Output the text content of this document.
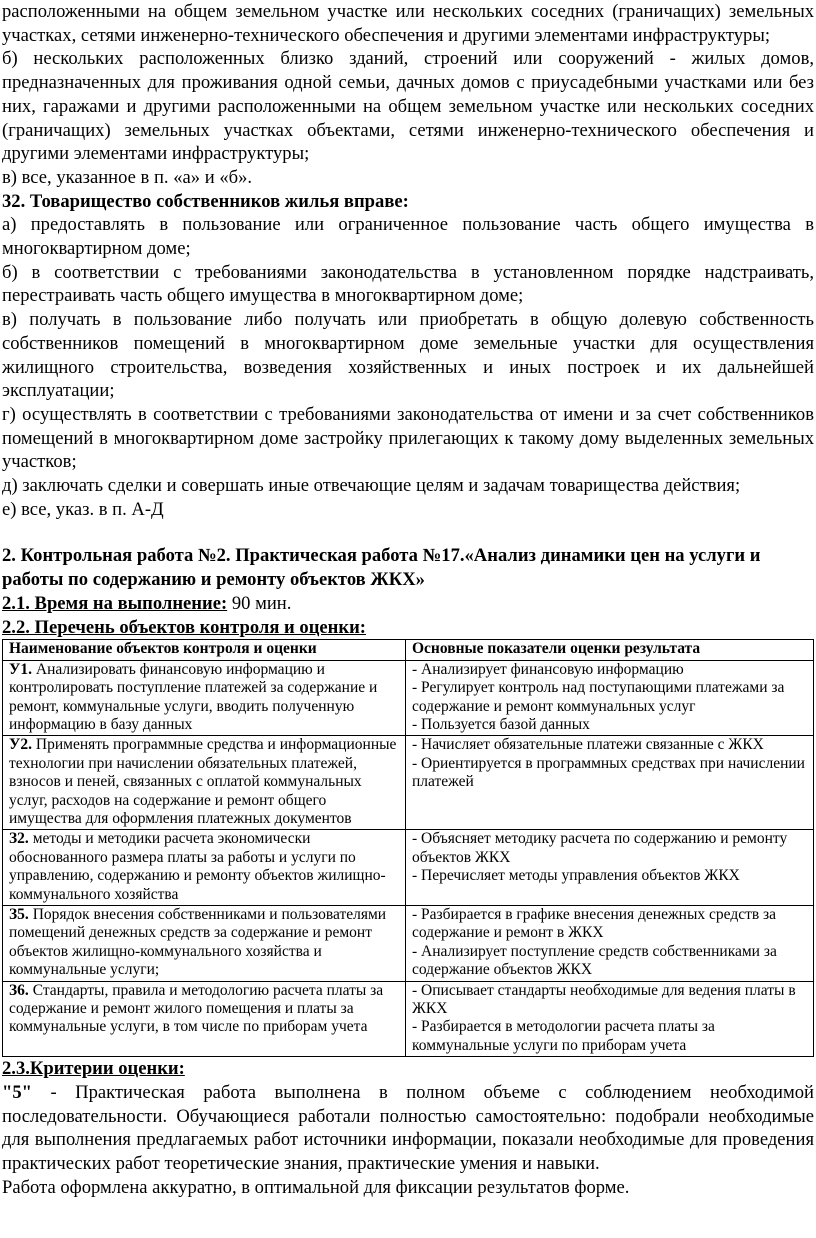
расположенными на общем земельном участке или нескольких соседних (граничащих) земельных участках, сетями инженерно-технического обеспечения и другими элементами инфраструктуры;

б) нескольких расположенных близко зданий, строений или сооружений - жилых домов, предназначенных для проживания одной семьи, дачных домов с приусадебными участками или без них, гаражами и другими расположенными на общем земельном участке или нескольких соседних (граничащих) земельных участках объектами, сетями инженерно-технического обеспечения и другими элементами инфраструктуры;

в) все, указанное в п. «а» и «б».

32. Товарищество собственников жилья вправе:

а) предоставлять в пользование или ограниченное пользование часть общего имущества в многоквартирном доме;

б) в соответствии с требованиями законодательства в установленном порядке надстраивать, перестраивать часть общего имущества в многоквартирном доме;

в) получать в пользование либо получать или приобретать в общую долевую собственность собственников помещений в многоквартирном доме земельные участки для осуществления жилищного строительства, возведения хозяйственных и иных построек и их дальнейшей эксплуатации;

г) осуществлять в соответствии с требованиями законодательства от имени и за счет собственников помещений в многоквартирном доме застройку прилегающих к такому дому выделенных земельных участков;

д) заключать сделки и совершать иные отвечающие целям и задачам товарищества действия;

е) все, указ. в п. А-Д

2. Контрольная работа №2. Практическая работа №17.«Анализ динамики цен на услуги и работы по содержанию и ремонту объектов ЖКХ»

2.1. Время на выполнение: 90 мин.

2.2. Перечень объектов контроля и оценки:

Наименование объектов контроля и оценки	Основные показатели оценки результата
У1. Анализировать финансовую информацию и контролировать поступление платежей за содержание и ремонт, коммунальные услуги, вводить полученную информацию в базу данных	- Анализирует финансовую информацию
- Регулирует контроль над поступающими платежами за содержание и ремонт коммунальных услуг
- Пользуется базой данных

У2. Применять программные средства и информационные технологии при начислении обязательных платежей, взносов и пеней, связанных с оплатой коммунальных услуг, расходов на содержание и ремонт общего имущества для оформления платежных документов	- Начисляет обязательные платежи связанные с ЖКХ
- Ориентируется в программных средствах при начислении платежей

З2. методы и методики расчета экономически обоснованного размера платы за работы и услуги по управлению, содержанию и ремонту объектов жилищно-коммунального хозяйства	- Объясняет методику расчета по содержанию и ремонту объектов ЖКХ
- Перечисляет методы управления объектов ЖКХ

З5. Порядок внесения собственниками и пользователями помещений денежных средств за содержание и ремонт объектов жилищно-коммунального хозяйства и коммунальные услуги;	- Разбирается в графике внесения денежных средств за содержание и ремонт в ЖКХ
- Анализирует поступление средств собственниками за содержание объектов ЖКХ

З6. Стандарты, правила и методологию расчета платы за содержание и ремонт жилого помещения и платы за коммунальные услуги, в том числе по приборам учета	- Описывает стандарты необходимые для ведения платы в ЖКХ
- Разбирается в методологии расчета платы за коммунальные услуги по приборам учета

2.3.Критерии оценки:

"5" - Практическая работа выполнена в полном объеме с соблюдением необходимой последовательности. Обучающиеся работали полностью самостоятельно: подобрали необходимые для выполнения предлагаемых работ источники информации, показали необходимые для проведения практических работ теоретические знания, практические умения и навыки.

Работа оформлена аккуратно, в оптимальной для фиксации результатов форме.
